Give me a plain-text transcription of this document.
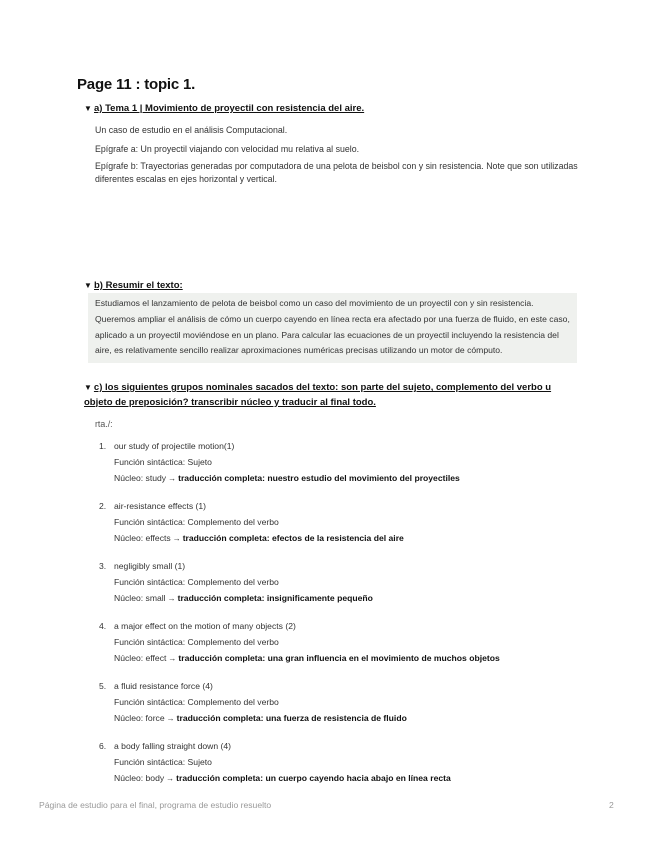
Page 11 : topic 1.
▼ a) Tema 1 | Movimiento de proyectil con resistencia del aire.
Un caso de estudio en el análisis Computacional.
Epígrafe a: Un proyectil viajando con velocidad mu relativa al suelo.
Epígrafe b: Trayectorias generadas por computadora de una pelota de beisbol con y sin resistencia. Note que son utilizadas diferentes escalas en ejes horizontal y vertical.
▼ b) Resumir el texto:
Estudiamos el lanzamiento de pelota de beisbol como un caso del movimiento de un proyectil con y sin resistencia. Queremos ampliar el análisis de cómo un cuerpo cayendo en línea recta era afectado por una fuerza de fluido, en este caso, aplicado a un proyectil moviéndose en un plano. Para calcular las ecuaciones de un proyectil incluyendo la resistencia del aire, es relativamente sencillo realizar aproximaciones numéricas precisas utilizando un motor de cómputo.
▼ c) los siguientes grupos nominales sacados del texto: son parte del sujeto, complemento del verbo u objeto de preposición? transcribir núcleo y traducir al final todo.
rta./:
1. our study of projectile motion(1)
Función sintáctica: Sujeto
Núcleo: study → traducción completa: nuestro estudio del movimiento del proyectiles
2. air-resistance effects (1)
Función sintáctica: Complemento del verbo
Núcleo: effects → traducción completa: efectos de la resistencia del aire
3. negligibly small (1)
Función sintáctica: Complemento del verbo
Núcleo: small → traducción completa: insignificamente pequeño
4. a major effect on the motion of many objects (2)
Función sintáctica: Complemento del verbo
Núcleo: effect → traducción completa: una gran influencia en el movimiento de muchos objetos
5. a fluid resistance force (4)
Función sintáctica: Complemento del verbo
Núcleo: force → traducción completa: una fuerza de resistencia de fluido
6. a body falling straight down (4)
Función sintáctica: Sujeto
Núcleo: body → traducción completa: un cuerpo cayendo hacia abajo en línea recta
Página de estudio para el final, programa de estudio resuelto	2
